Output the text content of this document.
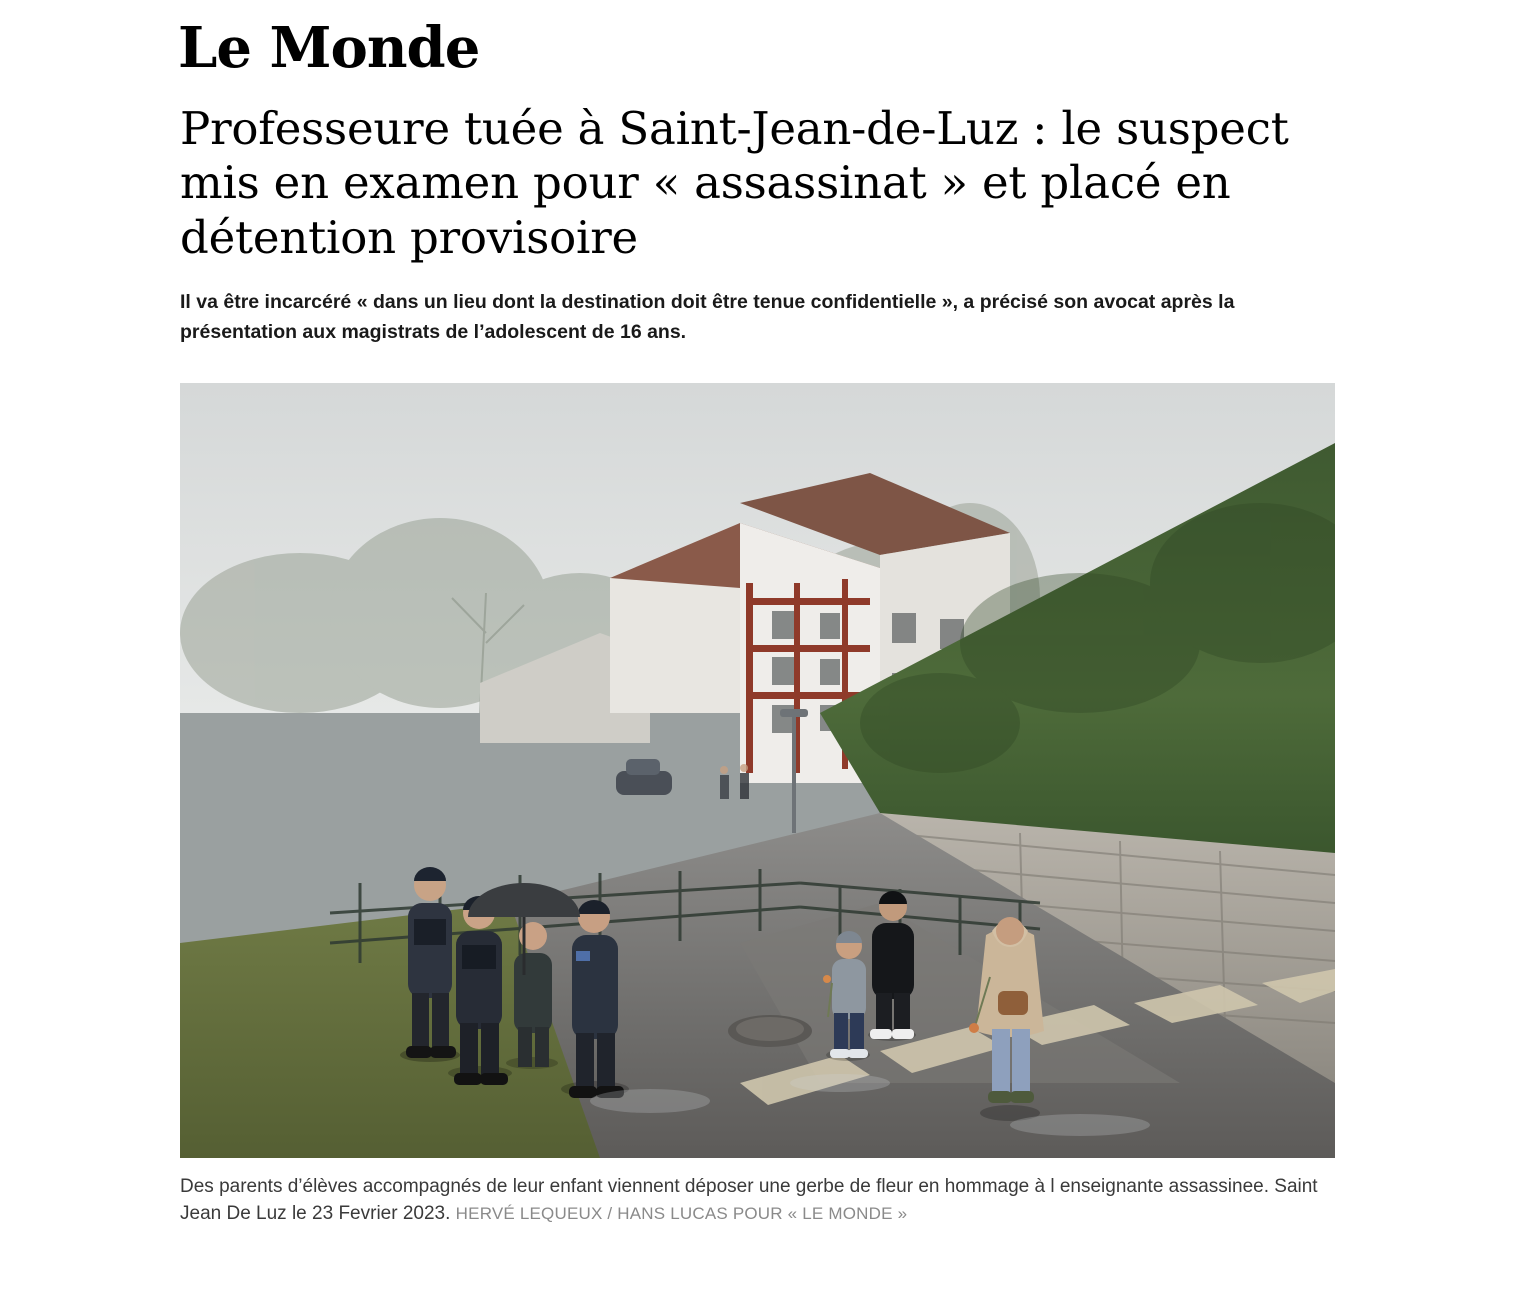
Le Monde
Professeure tuée à Saint-Jean-de-Luz : le suspect mis en examen pour « assassinat » et placé en détention provisoire

Il va être incarcéré « dans un lieu dont la destination doit être tenue confidentielle », a précisé son avocat après la présentation aux magistrats de l’adolescent de 16 ans.

Des parents d’élèves accompagnés de leur enfant viennent déposer une gerbe de fleur en hommage à l enseignante assassinee. Saint Jean De Luz le 23 Fevrier 2023. HERVÉ LEQUEUX / HANS LUCAS POUR « LE MONDE »
